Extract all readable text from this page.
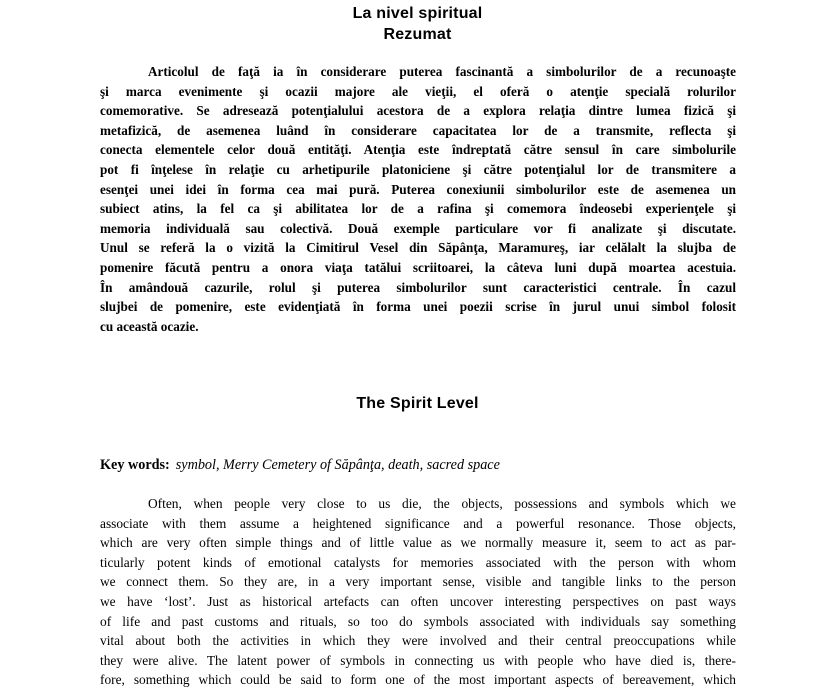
La nivel spiritual
Rezumat
Articolul de faţă ia în considerare puterea fascinantă a simbolurilor de a recunoaşte
şi marca evenimente şi ocazii majore ale vieţii, el oferă o atenţie specială rolurilor
comemorative. Se adresează potenţialului acestora de a explora relaţia dintre lumea fizică şi
metafizică, de asemenea luând în considerare capacitatea lor de a transmite, reflecta şi
conecta elementele celor două entităţi. Atenţia este îndreptată către sensul în care simbolurile
pot fi înţelese în relaţie cu arhetipurile platoniciene şi către potenţialul lor de transmitere a
esenţei unei idei în forma cea mai pură. Puterea conexiunii simbolurilor este de asemenea un
subiect atins, la fel ca şi abilitatea lor de a rafina şi comemora îndeosebi experienţele şi
memoria individuală sau colectivă. Două exemple particulare vor fi analizate şi discutate.
Unul se referă la o vizită la Cimitirul Vesel din Săpânţa, Maramureş, iar celălalt la slujba de
pomenire făcută pentru a onora viaţa tatălui scriitoarei, la câteva luni după moartea acestuia.
În amândouă cazurile, rolul şi puterea simbolurilor sunt caracteristici centrale. În cazul
slujbei de pomenire, este evidenţiată în forma unei poezii scrise în jurul unui simbol folosit
cu această ocazie.
The Spirit Level

Key words: symbol, Merry Cemetery of Săpânţa, death, sacred space

Often, when people very close to us die, the objects, possessions and symbols which we
associate with them assume a heightened significance and a powerful resonance. Those objects,
which are very often simple things and of little value as we normally measure it, seem to act as par-
ticularly potent kinds of emotional catalysts for memories associated with the person with whom
we connect them. So they are, in a very important sense, visible and tangible links to the person
we have ‘lost’. Just as historical artefacts can often uncover interesting perspectives on past ways
of life and past customs and rituals, so too do symbols associated with individuals say something
vital about both the activities in which they were involved and their central preoccupations while
they were alive. The latent power of symbols in connecting us with people who have died is, there-
fore, something which could be said to form one of the most important aspects of bereavement, which
